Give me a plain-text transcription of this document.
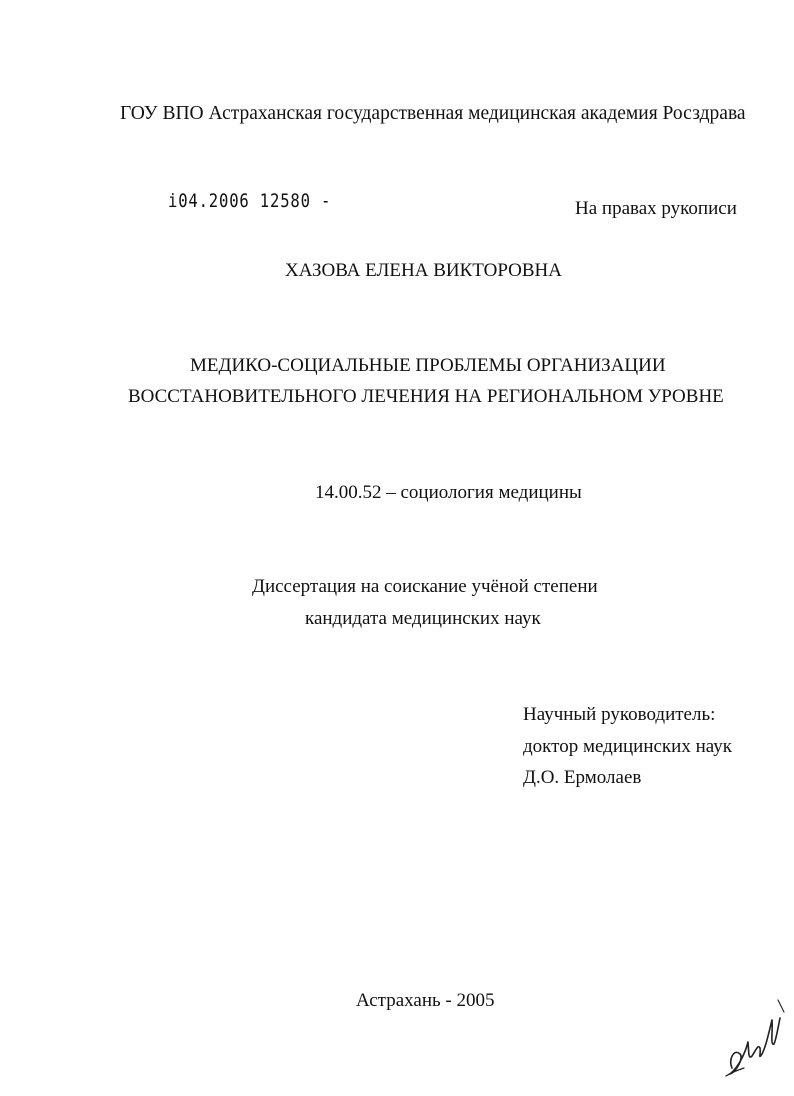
ГОУ ВПО Астраханская государственная медицинская академия Росздрава
i04.2006 12580 -	На правах рукописи
ХАЗОВА ЕЛЕНА ВИКТОРОВНА
МЕДИКО-СОЦИАЛЬНЫЕ ПРОБЛЕМЫ ОРГАНИЗАЦИИ
ВОССТАНОВИТЕЛЬНОГО ЛЕЧЕНИЯ НА РЕГИОНАЛЬНОМ УРОВНЕ
14.00.52 – социология медицины
Диссертация на соискание учёной степени
кандидата медицинских наук
Научный руководитель:
доктор медицинских наук
Д.О. Ермолаев
Астрахань - 2005
